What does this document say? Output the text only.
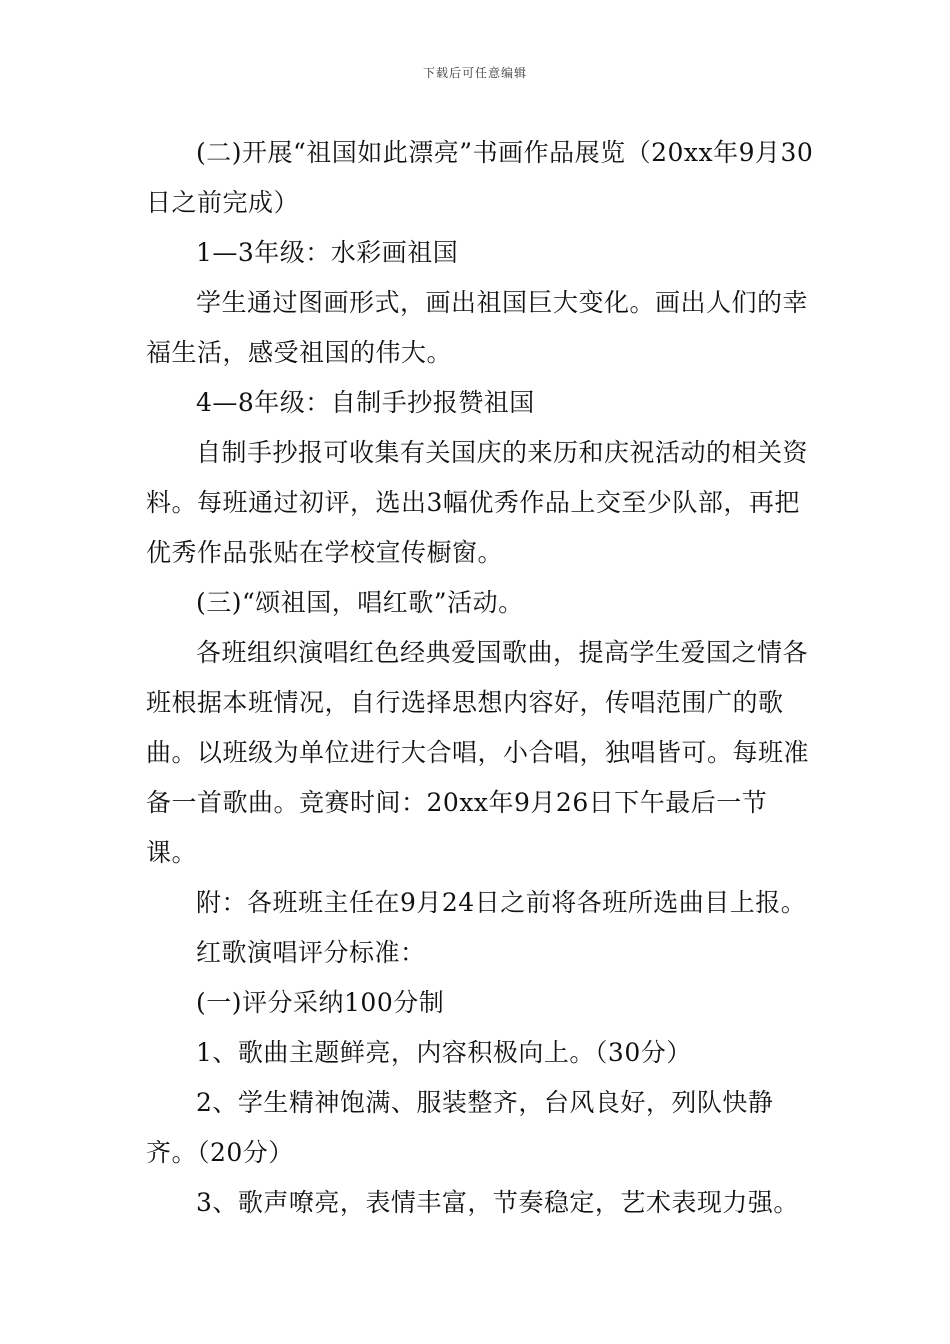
下载后可任意编辑

(二)开展“祖国如此漂亮”书画作品展览（20xx年9月30日之前完成）

1—3年级：水彩画祖国

学生通过图画形式，画出祖国巨大变化。画出人们的幸福生活，感受祖国的伟大。

4—8年级：自制手抄报赞祖国

自制手抄报可收集有关国庆的来历和庆祝活动的相关资料。每班通过初评，选出3幅优秀作品上交至少队部，再把优秀作品张贴在学校宣传橱窗。

(三)“颂祖国，唱红歌”活动。

各班组织演唱红色经典爱国歌曲，提高学生爱国之情各班根据本班情况，自行选择思想内容好，传唱范围广的歌曲。以班级为单位进行大合唱，小合唱，独唱皆可。每班准备一首歌曲。竞赛时间：20xx年9月26日下午最后一节课。

附：各班班主任在9月24日之前将各班所选曲目上报。

红歌演唱评分标准：

(一)评分采纳100分制

1、歌曲主题鲜亮，内容积极向上。（30分）

2、学生精神饱满、服装整齐，台风良好，列队快静齐。（20分）

3、歌声嘹亮，表情丰富，节奏稳定，艺术表现力强。
